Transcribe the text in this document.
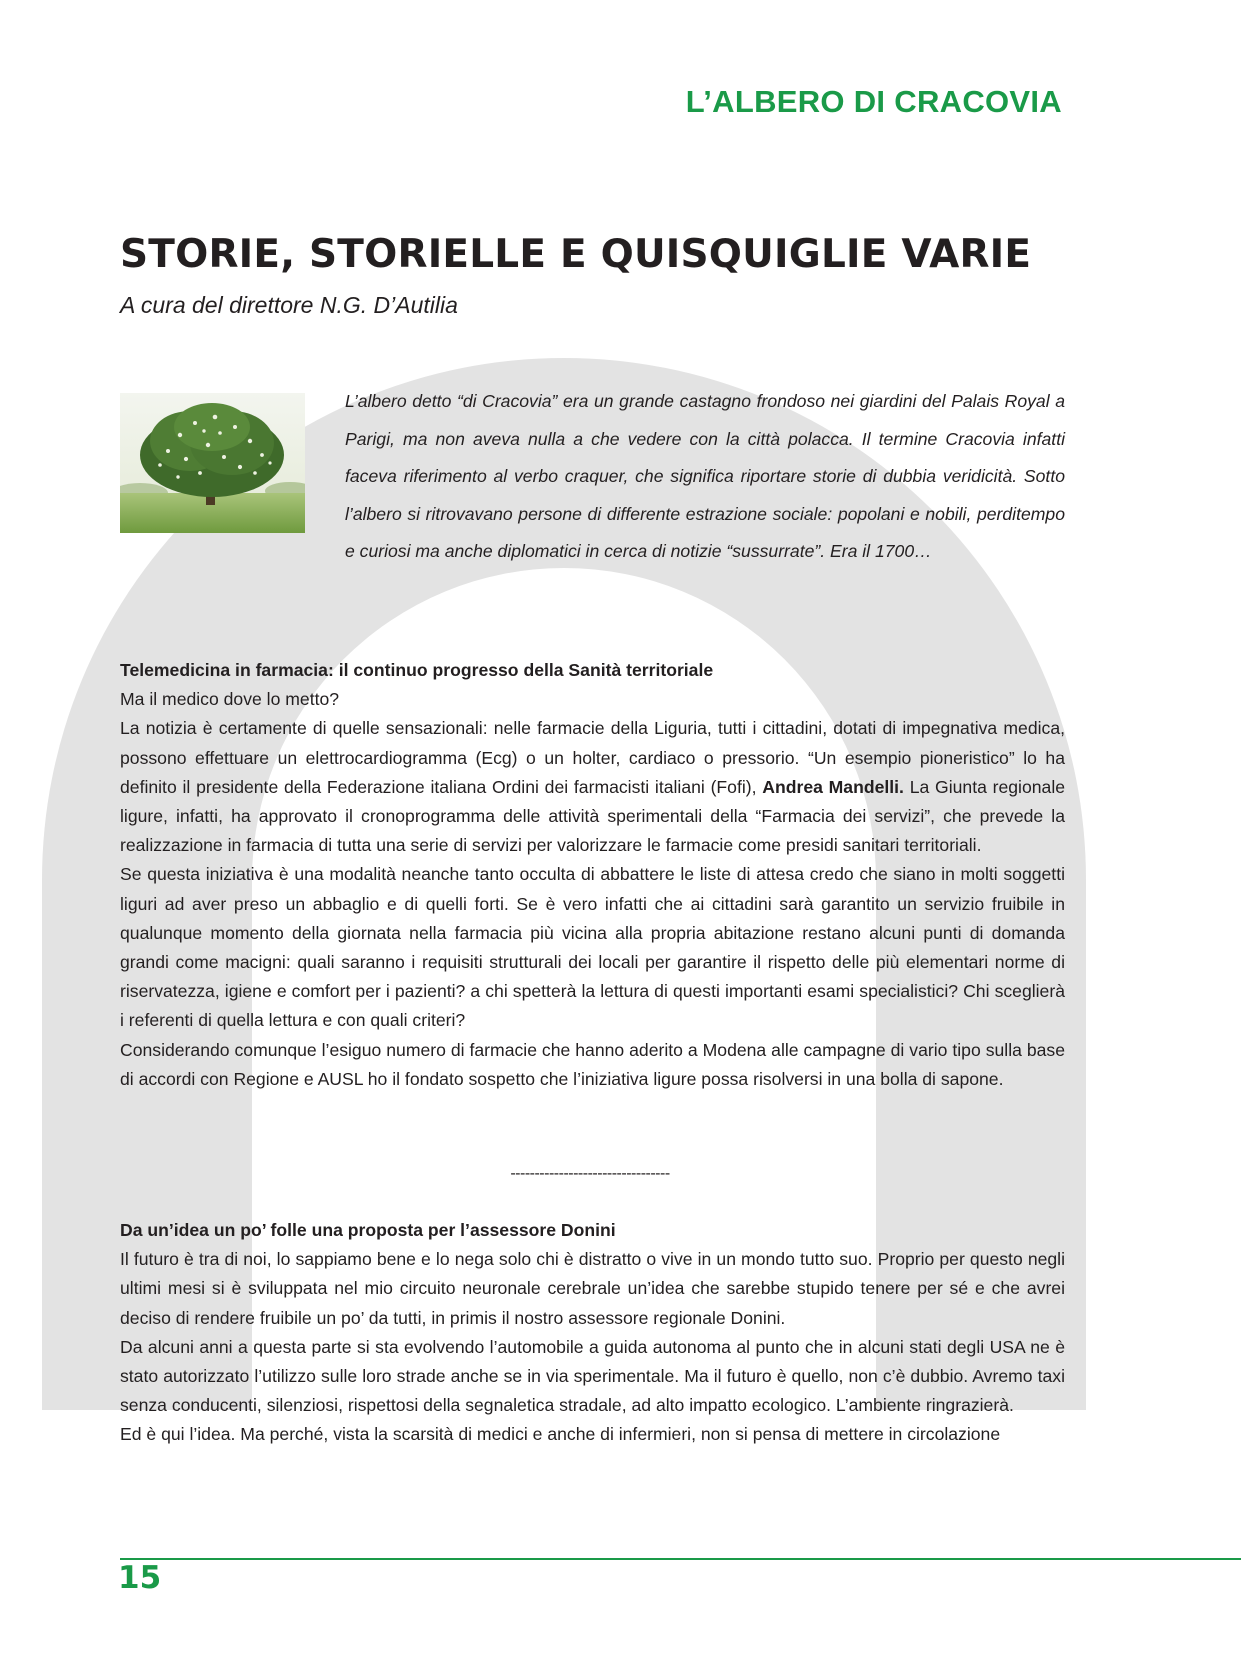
L’ALBERO DI CRACOVIA
STORIE, STORIELLE E QUISQUIGLIE VARIE
A cura del direttore N.G. D’Autilia

L’albero detto “di Cracovia” era un grande castagno frondoso nei giardini del Palais Royal a Parigi, ma non aveva nulla a che vedere con la città polacca. Il termine Cracovia infatti faceva riferimento al verbo craquer, che significa riportare storie di dubbia veridicità. Sotto l’albero si ritrovavano persone di differente estrazione sociale: popolani e nobili, perditempo e curiosi ma anche diplomatici in cerca di notizie “sussurrate”. Era il 1700…

Telemedicina in farmacia: il continuo progresso della Sanità territoriale

Ma il medico dove lo metto?

La notizia è certamente di quelle sensazionali: nelle farmacie della Liguria, tutti i cittadini, dotati di impegnativa medica, possono effettuare un elettrocardiogramma (Ecg) o un holter, cardiaco o pressorio. “Un esempio pioneristico” lo ha definito il presidente della Federazione italiana Ordini dei farmacisti italiani (Fofi), Andrea Mandelli. La Giunta regionale ligure, infatti, ha approvato il cronoprogramma delle attività sperimentali della “Farmacia dei servizi”, che prevede la realizzazione in farmacia di tutta una serie di servizi per valorizzare le farmacie come presidi sanitari territoriali.

Se questa iniziativa è una modalità neanche tanto occulta di abbattere le liste di attesa credo che siano in molti soggetti liguri ad aver preso un abbaglio e di quelli forti. Se è vero infatti che ai cittadini sarà garantito un servizio fruibile in qualunque momento della giornata nella farmacia più vicina alla propria abitazione restano alcuni punti di domanda grandi come macigni: quali saranno i requisiti strutturali dei locali per garantire il rispetto delle più elementari norme di riservatezza, igiene e comfort per i pazienti? a chi spetterà la lettura di questi importanti esami specialistici? Chi sceglierà i referenti di quella lettura e con quali criteri?

Considerando comunque l’esiguo numero di farmacie che hanno aderito a Modena alle campagne di vario tipo sulla base di accordi con Regione e AUSL ho il fondato sospetto che l’iniziativa ligure possa risolversi in una bolla di sapone.

---------------------------------

Da un’idea un po’ folle una proposta per l’assessore Donini

Il futuro è tra di noi, lo sappiamo bene e lo nega solo chi è distratto o vive in un mondo tutto suo. Proprio per questo negli ultimi mesi si è sviluppata nel mio circuito neuronale cerebrale un’idea che sarebbe stupido tenere per sé e che avrei deciso di rendere fruibile un po’ da tutti, in primis il nostro assessore regionale Donini.

Da alcuni anni a questa parte si sta evolvendo l’automobile a guida autonoma al punto che in alcuni stati degli USA ne è stato autorizzato l’utilizzo sulle loro strade anche se in via sperimentale. Ma il futuro è quello, non c’è dubbio. Avremo taxi senza conducenti, silenziosi, rispettosi della segnaletica stradale, ad alto impatto ecologico. L’ambiente ringrazierà.

Ed è qui l’idea. Ma perché, vista la scarsità di medici e anche di infermieri, non si pensa di mettere in circolazione

15
